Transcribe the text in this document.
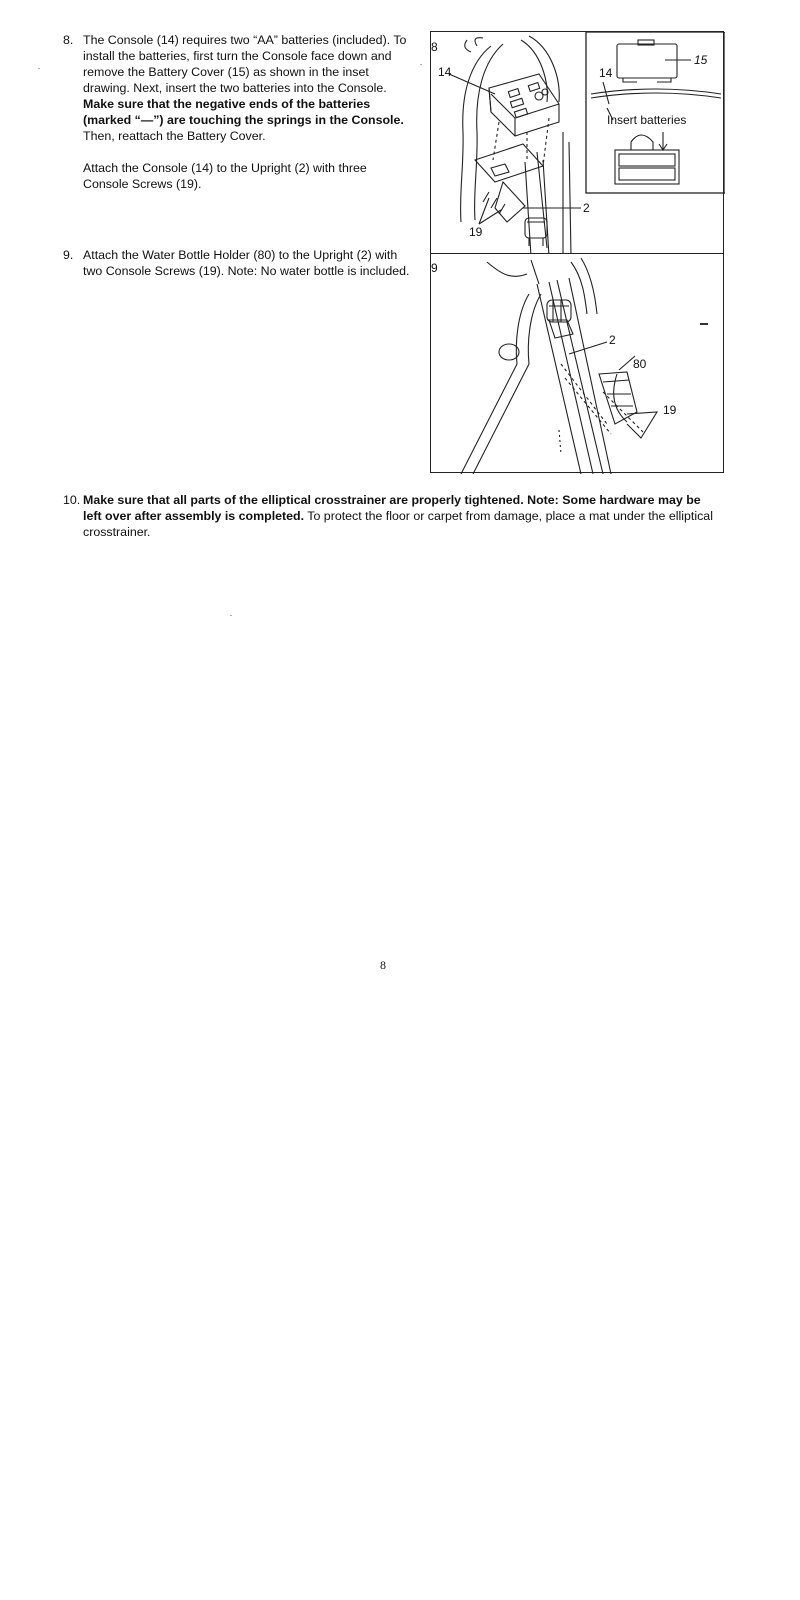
8. The Console (14) requires two “AA” batteries (included). To install the batteries, first turn the Console face down and remove the Battery Cover (15) as shown in the inset drawing. Next, insert the two batteries into the Console. Make sure that the negative ends of the batteries (marked “—”) are touching the springs in the Console. Then, reattach the Battery Cover.

Attach the Console (14) to the Upright (2) with three Console Screws (19).

9. Attach the Water Bottle Holder (80) to the Upright (2) with two Console Screws (19). Note: No water bottle is included.

10. Make sure that all parts of the elliptical crosstrainer are properly tightened. Note: Some hardware may be left over after assembly is completed. To protect the floor or carpet from damage, place a mat under the elliptical crosstrainer.

8
14
2
19
15
14
Insert batteries
9
2
80
19
8
